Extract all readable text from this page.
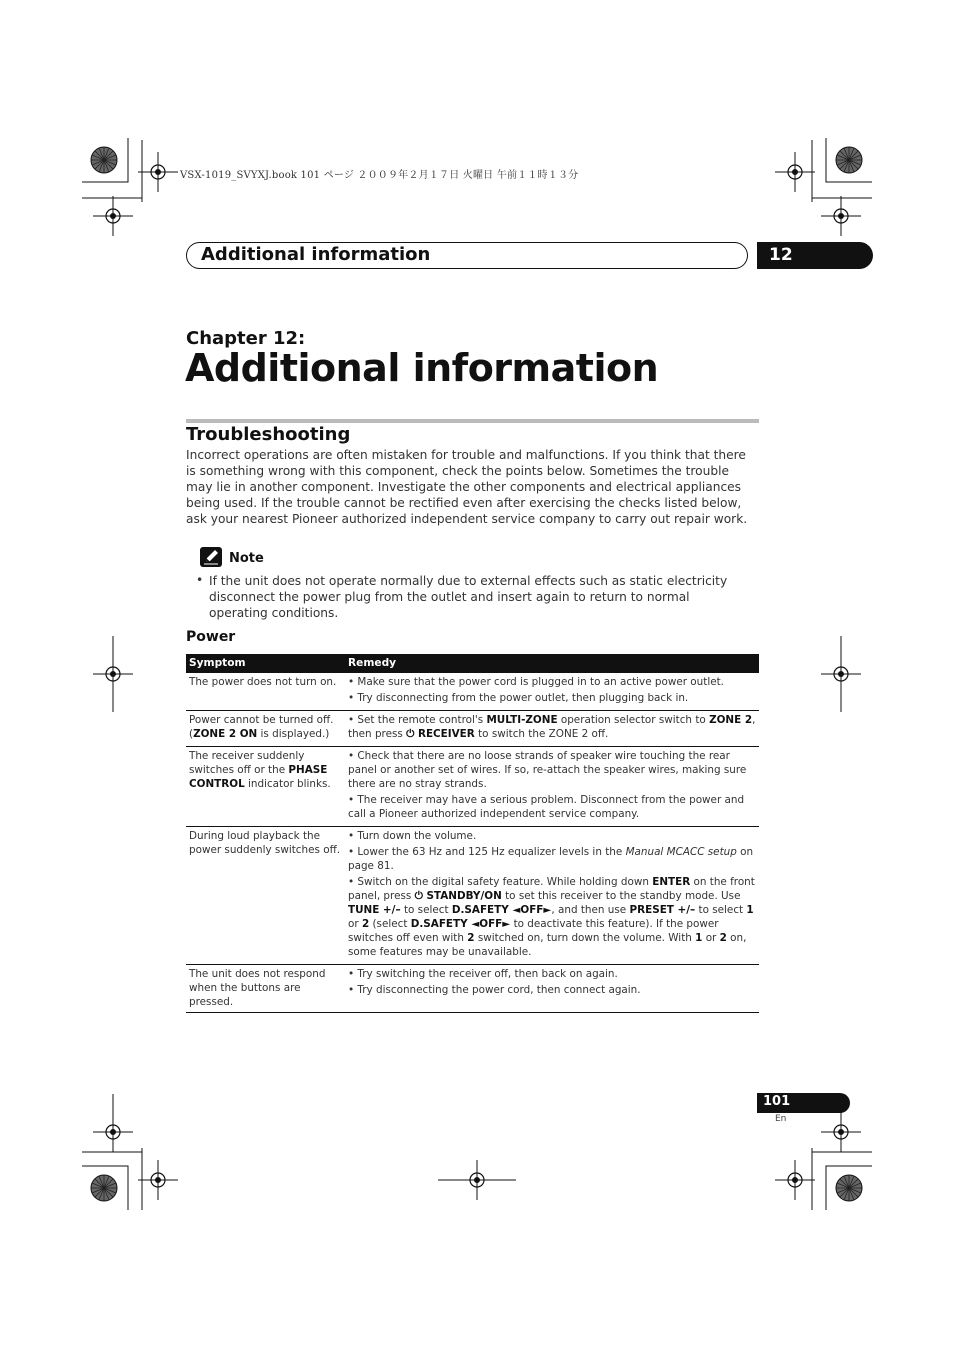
VSX-1019_SVYXJ.book 101 ページ ２００９年２月１７日 火曜日 午前１１時１３分
Additional information	12
Chapter 12:
Additional information
Troubleshooting
Incorrect operations are often mistaken for trouble and malfunctions. If you think that there is something wrong with this component, check the points below. Sometimes the trouble may lie in another component. Investigate the other components and electrical appliances being used. If the trouble cannot be rectified even after exercising the checks listed below, ask your nearest Pioneer authorized independent service company to carry out repair work.
Note
• If the unit does not operate normally due to external effects such as static electricity disconnect the power plug from the outlet and insert again to return to normal operating conditions.
Power
Symptom	Remedy
The power does not turn on.	• Make sure that the power cord is plugged in to an active power outlet.

• Try disconnecting from the power outlet, then plugging back in.

Power cannot be turned off. (ZONE 2 ON is displayed.)	• Set the remote control's MULTI-ZONE operation selector switch to ZONE 2, then press ⏻ RECEIVER to switch the ZONE 2 off.

The receiver suddenly switches off or the PHASE CONTROL indicator blinks.	• Check that there are no loose strands of speaker wire touching the rear panel or another set of wires. If so, re-attach the speaker wires, making sure there are no stray strands.

• The receiver may have a serious problem. Disconnect from the power and call a Pioneer authorized independent service company.

During loud playback the power suddenly switches off.	• Turn down the volume.

• Lower the 63 Hz and 125 Hz equalizer levels in the Manual MCACC setup on page 81.

• Switch on the digital safety feature. While holding down ENTER on the front panel, press ⏻ STANDBY/ON to set this receiver to the standby mode. Use TUNE +/– to select D.SAFETY ◄OFF►, and then use PRESET +/– to select 1 or 2 (select D.SAFETY ◄OFF► to deactivate this feature). If the power switches off even with 2 switched on, turn down the volume. With 1 or 2 on, some features may be unavailable.

The unit does not respond when the buttons are pressed.	• Try switching the receiver off, then back on again.

• Try disconnecting the power cord, then connect again.

101
En
